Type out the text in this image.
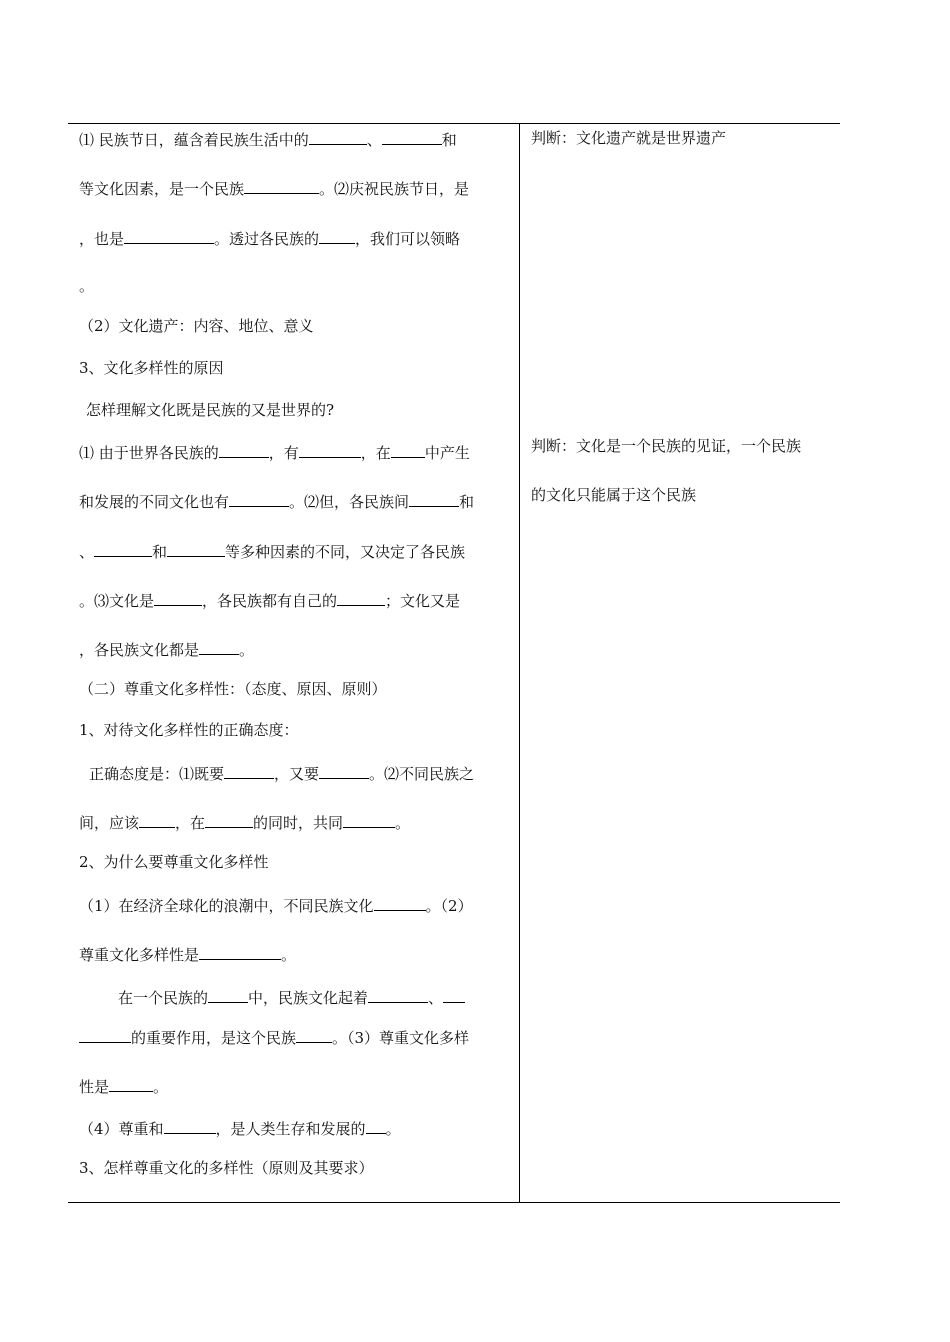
⑴ 民族节日，蕴含着民族生活中的	、	和
等文化因素，是一个民族	。⑵庆祝民族节日，是
，也是	。透过各民族的 ，我们可以领略
。
（2）文化遗产：内容、地位、意义
3、文化多样性的原因
怎样理解文化既是民族的又是世界的?
⑴ 由于世界各民族的	，有	，在 中产生
和发展的不同文化也有	。⑵但，各民族间	和
、	和	等多种因素的不同，又决定了各民族
。⑶文化是	，各民族都有自己的	；文化又是
，各民族文化都是	。
（二）尊重文化多样性：（态度、原因、原则）
1、对待文化多样性的正确态度：
正确态度是：⑴既要	，又要	。⑵不同民族之
间，应该 ，在	的同时，共同	。
2、为什么要尊重文化多样性
（1）在经济全球化的浪潮中，不同民族文化	。（2）
尊重文化多样性是	。
在一个民族的	中，民族文化起着	、
的重要作用，是这个民族 。（3）尊重文化多样
性是	。
（4）尊重和	，是人类生存和发展的 。
3、怎样尊重文化的多样性（原则及其要求）
判断：文化遗产就是世界遗产
判断：文化是一个民族的见证，一个民族
的文化只能属于这个民族
